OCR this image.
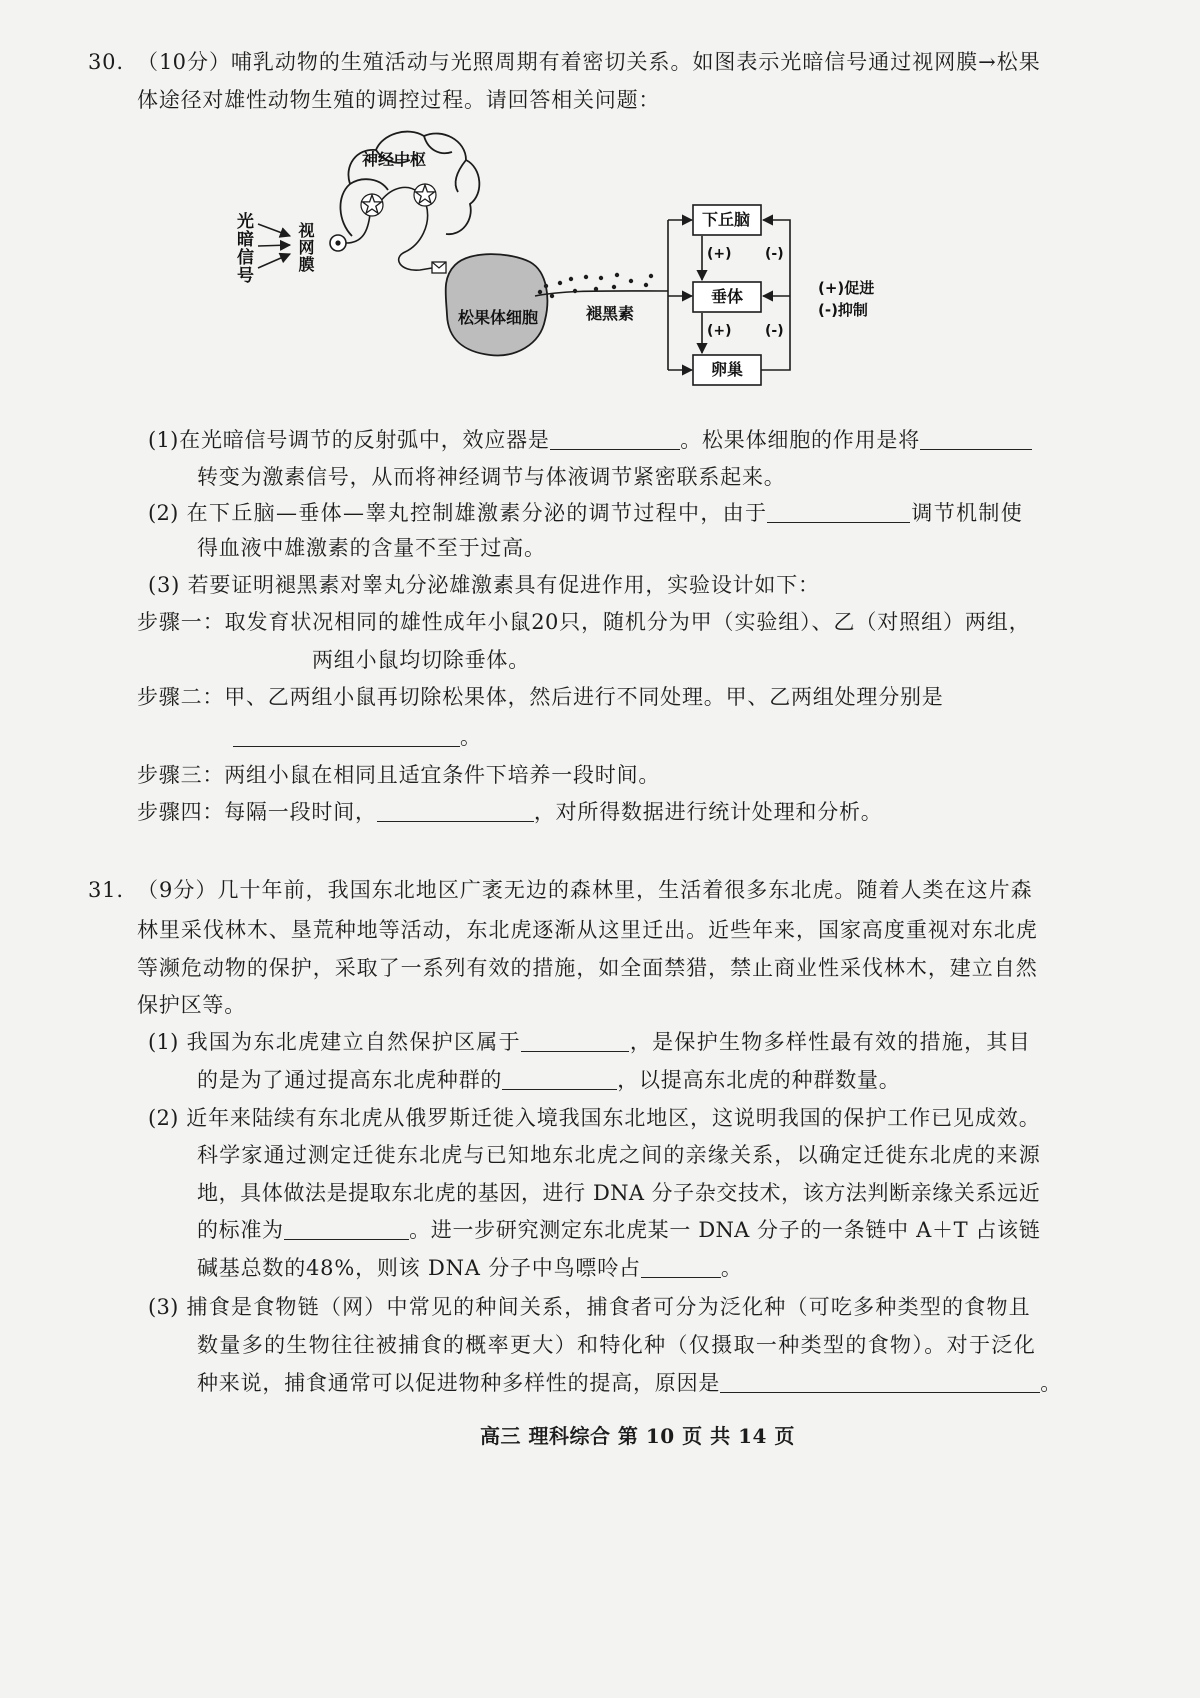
30. （10分）哺乳动物的生殖活动与光照周期有着密切关系。如图表示光暗信号通过视网膜→松果
体途径对雄性动物生殖的调控过程。请回答相关问题：
神经中枢
光暗信号	视网膜
松果体细胞	褪黑素
下丘脑
垂体
卵巢
(+) (-)
(+) (-)
(+)促进
(-)抑制
(1)在光暗信号调节的反射弧中，效应器是	。松果体细胞的作用是将
转变为激素信号，从而将神经调节与体液调节紧密联系起来。
(2) 在下丘脑—垂体—睾丸控制雄激素分泌的调节过程中，由于	调节机制使
得血液中雄激素的含量不至于过高。
(3) 若要证明褪黑素对睾丸分泌雄激素具有促进作用，实验设计如下：
步骤一：取发育状况相同的雄性成年小鼠20只，随机分为甲（实验组）、乙（对照组）两组，
两组小鼠均切除垂体。
步骤二：甲、乙两组小鼠再切除松果体，然后进行不同处理。甲、乙两组处理分别是
。
步骤三：两组小鼠在相同且适宜条件下培养一段时间。
步骤四：每隔一段时间，	，对所得数据进行统计处理和分析。
31. （9分）几十年前，我国东北地区广袤无边的森林里，生活着很多东北虎。随着人类在这片森
林里采伐林木、垦荒种地等活动，东北虎逐渐从这里迁出。近些年来，国家高度重视对东北虎
等濒危动物的保护，采取了一系列有效的措施，如全面禁猎，禁止商业性采伐林木，建立自然
保护区等。
(1) 我国为东北虎建立自然保护区属于	，是保护生物多样性最有效的措施，其目
的是为了通过提高东北虎种群的	，以提高东北虎的种群数量。
(2) 近年来陆续有东北虎从俄罗斯迁徙入境我国东北地区，这说明我国的保护工作已见成效。
科学家通过测定迁徙东北虎与已知地东北虎之间的亲缘关系，以确定迁徙东北虎的来源
地，具体做法是提取东北虎的基因，进行 DNA 分子杂交技术，该方法判断亲缘关系远近
的标准为	。进一步研究测定东北虎某一 DNA 分子的一条链中 A＋T 占该链
碱基总数的48%，则该 DNA 分子中鸟嘌呤占	。
(3) 捕食是食物链（网）中常见的种间关系，捕食者可分为泛化种（可吃多种类型的食物且
数量多的生物往往被捕食的概率更大）和特化种（仅摄取一种类型的食物）。对于泛化
种来说，捕食通常可以促进物种多样性的提高，原因是	。
高三 理科综合 第 10 页 共 14 页
